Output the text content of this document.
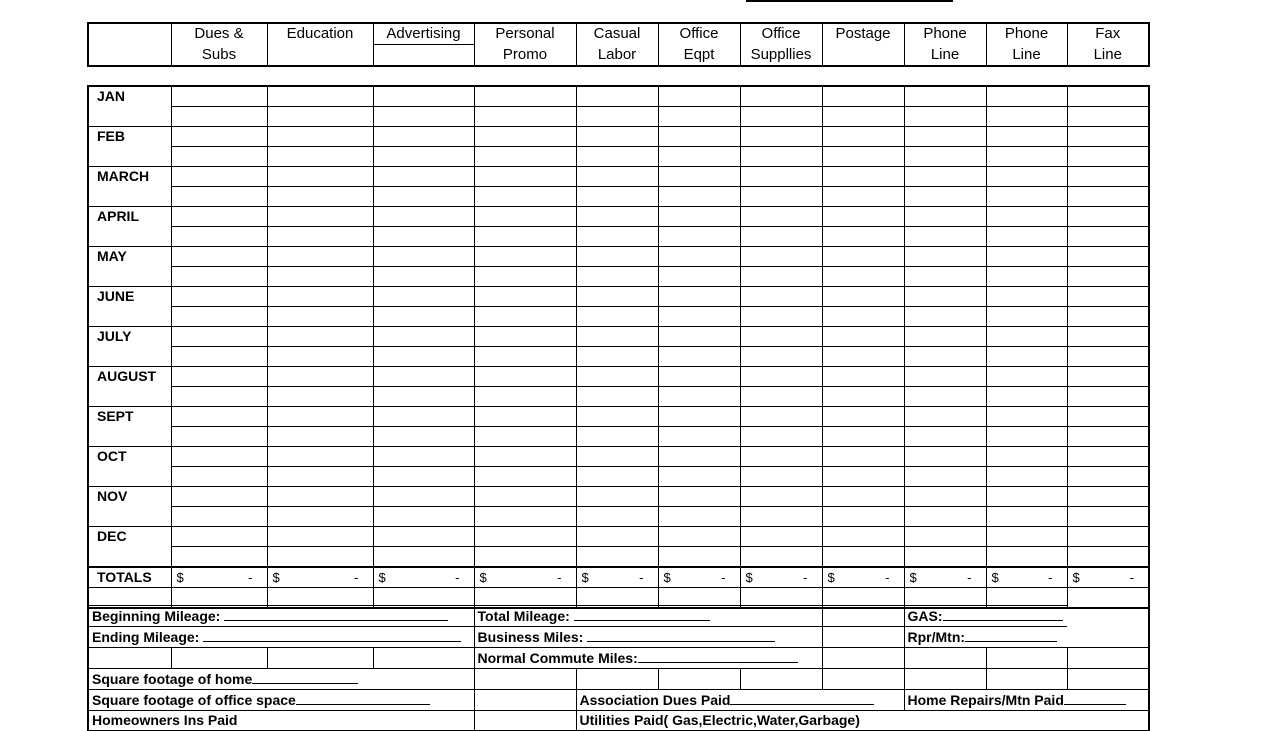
	Dues &	Education	Advertising	Personal	Casual	Office	Office	Postage	Phone	Phone	Fax
	Subs			Promo	Labor	Eqpt	Suppllies		Line	Line	Line
JAN											

FEB											

MARCH											

APRIL											

MAY											

JUNE											

JULY											

AUGUST											

SEPT											

OCT											

NOV											

DEC											

TOTALS	$ -	$ -	$ -	$ -	$ -	$ -	$ -	$ -	$ -	$ -	$ -

Beginning Mileage:				Total Mileage:					GAS:		
Ending Mileage:				Business Miles:					Rpr/Mtn:		
				Normal Commute Miles:							
Square footage of home											
Square footage of office space					Association Dues Paid				Home Repairs/Mtn Paid		
Homeowners Ins Paid					Utilities Paid( Gas,Electric,Water,Garbage)						
